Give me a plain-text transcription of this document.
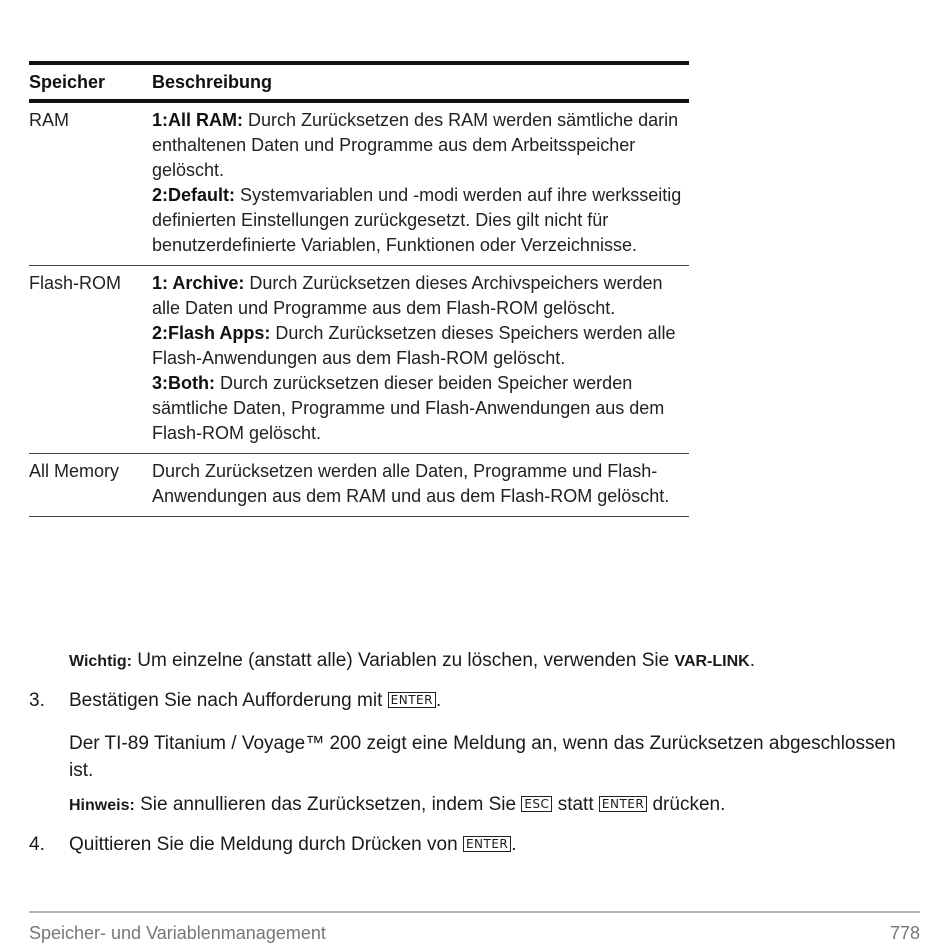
Speicher	Beschreibung
RAM	1:All RAM: Durch Zurücksetzen des RAM werden sämtliche darin enthaltenen Daten und Programme aus dem Arbeitsspeicher gelöscht.
2:Default: Systemvariablen und -modi werden auf ihre werksseitig definierten Einstellungen zurückgesetzt. Dies gilt nicht für benutzerdefinierte Variablen, Funktionen oder Verzeichnisse.
Flash-ROM	1: Archive: Durch Zurücksetzen dieses Archivspeichers werden alle Daten und Programme aus dem Flash-ROM gelöscht.
2:Flash Apps: Durch Zurücksetzen dieses Speichers werden alle Flash-Anwendungen aus dem Flash-ROM gelöscht.
3:Both: Durch zurücksetzen dieser beiden Speicher werden sämtliche Daten, Programme und Flash-Anwendungen aus dem Flash-ROM gelöscht.
All Memory	Durch Zurücksetzen werden alle Daten, Programme und Flash-Anwendungen aus dem RAM und aus dem Flash-ROM gelöscht.
Wichtig: Um einzelne (anstatt alle) Variablen zu löschen, verwenden Sie VAR-LINK.
3. Bestätigen Sie nach Aufforderung mit ENTER .
Der TI-89 Titanium / Voyage™ 200 zeigt eine Meldung an, wenn das Zurücksetzen abgeschlossen ist.
Hinweis: Sie annullieren das Zurücksetzen, indem Sie ESC statt ENTER drücken.
4. Quittieren Sie die Meldung durch Drücken von ENTER .
Speicher- und Variablenmanagement	778
